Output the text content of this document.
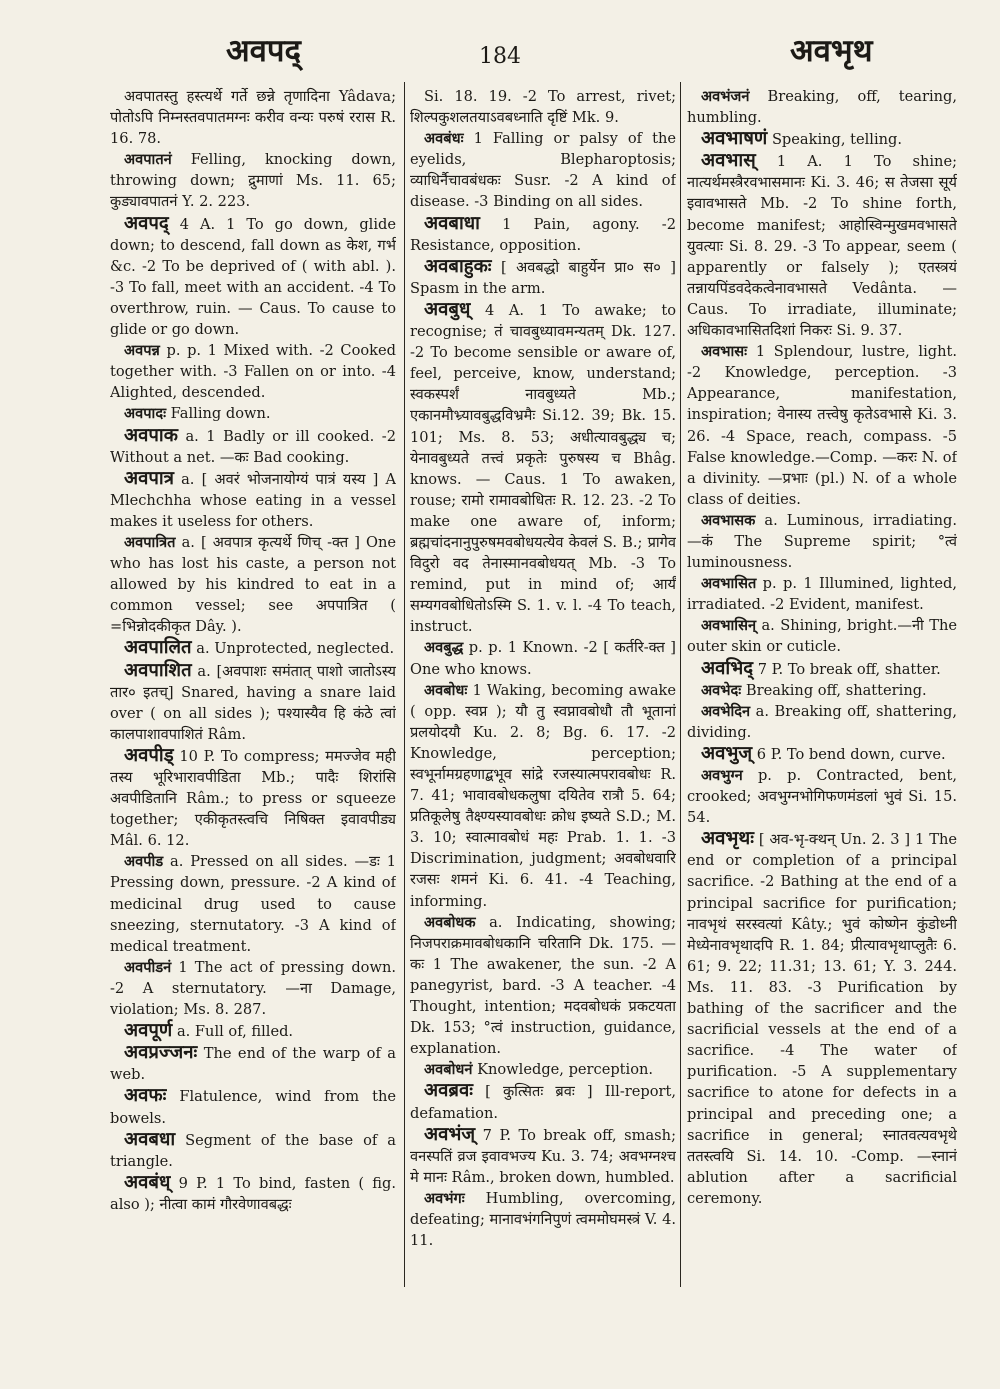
अवपद्	184	अवभृथ

अवपातस्तु हस्त्यर्थे गर्ते छन्ने तृणादिना Yâdava; पोतोऽपि निम्नस्तवपातमग्नः करीव वन्यः परुषं ररास R. 16. 78.

अवपातनं Felling, knocking down, throwing down; द्रुमाणां Ms. 11. 65; कुड्यावपातनं Y. 2. 223.

अवपद् 4 A. 1 To go down, glide down; to descend, fall down as केश, गर्भ &c. -2 To be deprived of ( with abl. ). -3 To fall, meet with an accident. -4 To overthrow, ruin. — Caus. To cause to glide or go down.

अवपन्न p. p. 1 Mixed with. -2 Cooked together with. -3 Fallen on or into. -4 Alighted, descended.

अवपादः Falling down.

अवपाक a. 1 Badly or ill cooked. -2 Without a net. —कः Bad cooking.

अवपात्र a. [ अवरं भोजनायोग्यं पात्रं यस्य ] A Mlechchha whose eating in a vessel makes it useless for others.

अवपात्रित a. [ अवपात्र कृत्यर्थे णिच् -क्त ] One who has lost his caste, a person not allowed by his kindred to eat in a common vessel; see अपपात्रित ( =भिन्नोदकीकृत Dây. ).

अवपालित a. Unprotected, neglected.

अवपाशित a. [अवपाशः समंतात् पाशो जातोऽस्य तार० इतच्] Snared, having a snare laid over ( on all sides ); पश्यास्यैव हि कंठे त्वां कालपाशावपाशितं Râm.

अवपीड् 10 P. To compress; ममज्जेव मही तस्य भूरिभारावपीडिता Mb.; पादैः शिरांसि अवपीडितानि Râm.; to press or squeeze together; एकीकृतस्त्वचि निषिक्त इवावपीड्य Mâl. 6. 12.

अवपीड a. Pressed on all sides. —डः 1 Pressing down, pressure. -2 A kind of medicinal drug used to cause sneezing, sternutatory. -3 A kind of medical treatment.

अवपीडनं 1 The act of pressing down. -2 A sternutatory. —ना Damage, violation; Ms. 8. 287.

अवपूर्ण a. Full of, filled.

अवप्रज्जनः The end of the warp of a web.

अवफः Flatulence, wind from the bowels.

अवबधा Segment of the base of a triangle.

अवबंध् 9 P. 1 To bind, fasten ( fig. also ); नीत्वा कामं गौरवेणावबद्धः

Si. 18. 19. -2 To arrest, rivet; शिल्पकुशलतयाऽवबध्नाति दृष्टिं Mk. 9.

अवबंधः 1 Falling or palsy of the eyelids, Blepharoptosis; व्याधिर्नैचावबंधकः Susr. -2 A kind of disease. -3 Binding on all sides.

अवबाधा 1 Pain, agony. -2 Resistance, opposition.

अवबाहुकः [ अवबद्धो बाहुर्येन प्रा० स० ] Spasm in the arm.

अवबुध् 4 A. 1 To awake; to recognise; तं चावबुध्यावमन्यतम् Dk. 127. -2 To become sensible or aware of, feel, perceive, know, understand; स्वकस्पर्शं नावबुध्यते Mb.; एकानमौभ्र्यावबुद्धविभ्रमैः Si.12. 39; Bk. 15. 101; Ms. 8. 53; अधीत्यावबुद्ध्य च; येनावबुध्यते तत्त्वं प्रकृतेः पुरुषस्य च Bhâg. knows. — Caus. 1 To awaken, rouse; रामो रामावबोधितः R. 12. 23. -2 To make one aware of, inform; ब्रह्मचांदनानुपुरुषमवबोधयत्येव केवलं S. B.; प्रागेव विदुरो वद तेनास्मानवबोधयत् Mb. -3 To remind, put in mind of; आर्यं सम्यगवबोधितोऽस्मि S. 1. v. l. -4 To teach, instruct.

अवबुद्ध p. p. 1 Known. -2 [ कर्तरि-क्त ] One who knows.

अवबोधः 1 Waking, becoming awake ( opp. स्वप्न ); यौ तु स्वप्नावबोधौ तौ भूतानां प्रलयोदयौ Ku. 2. 8; Bg. 6. 17. -2 Knowledge, perception; स्वभूर्नामग्रहणाद्बभूव सांद्रे रजस्यात्मपरावबोधः R. 7. 41; भावावबोधकलुषा दयितेव रात्रौ 5. 64; प्रतिकूलेषु तैक्ष्ण्यस्यावबोधः क्रोध इष्यते S.D.; M. 3. 10; स्वात्मावबोधं महः Prab. 1. 1. -3 Discrimination, judgment; अवबोधवारि रजसः शमनं Ki. 6. 41. -4 Teaching, informing.

अवबोधक a. Indicating, showing; निजपराक्रमावबोधकानि चरितानि Dk. 175. —कः 1 The awakener, the sun. -2 A panegyrist, bard. -3 A teacher. -4 Thought, intention; मदवबोधकं प्रकटयता Dk. 153; °त्वं instruction, guidance, explanation.

अवबोधनं Knowledge, perception.

अवब्रवः [ कुत्सितः ब्रवः ] Ill-report, defamation.

अवभंज् 7 P. To break off, smash; वनस्पतिं व्रज इवावभज्य Ku. 3. 74; अवभग्नश्च मे मानः Râm., broken down, humbled.

अवभंगः Humbling, overcoming, defeating; मानावभंगनिपुणं त्वममोघमस्त्रं V. 4. 11.

अवभंजनं Breaking, off, tearing, humbling.

अवभाषणं Speaking, telling.

अवभास् 1 A. 1 To shine; नात्यर्थमस्त्रैरवभासमानः Ki. 3. 46; स तेजसा सूर्य इवावभासते Mb. -2 To shine forth, become manifest; आहोस्विन्मुखमवभासते युवत्याः Si. 8. 29. -3 To appear, seem ( apparently or falsely ); एतस्त्रयं तन्नायपिंडवदेकत्वेनावभासते Vedânta. — Caus. To irradiate, illuminate; अधिकावभासितदिशां निकरः Si. 9. 37.

अवभासः 1 Splendour, lustre, light. -2 Knowledge, perception. -3 Appearance, manifestation, inspiration; वेनास्य तत्त्वेषु कृतेऽवभासे Ki. 3. 26. -4 Space, reach, compass. -5 False knowledge.—Comp. —करः N. of a divinity. —प्रभाः (pl.) N. of a whole class of deities.

अवभासक a. Luminous, irradiating. —कं The Supreme spirit; °त्वं luminousness.

अवभासित p. p. 1 Illumined, lighted, irradiated. -2 Evident, manifest.

अवभासिन् a. Shining, bright.—नी The outer skin or cuticle.

अवभिद् 7 P. To break off, shatter.

अवभेदः Breaking off, shattering.

अवभेदिन a. Breaking off, shattering, dividing.

अवभुज् 6 P. To bend down, curve.

अवभुग्न p. p. Contracted, bent, crooked; अवभुग्नभोगिफणमंडलां भुवं Si. 15. 54.

अवभृथः [ अव-भृ-क्थन् Un. 2. 3 ] 1 The end or completion of a principal sacrifice. -2 Bathing at the end of a principal sacrifice for purification; नावभृथं सरस्वत्यां Kâty.; भुवं कोष्णेन कुंडोध्नी मेध्येनावभृथादपि R. 1. 84; प्रीत्यावभृथाप्लुतैः 6. 61; 9. 22; 11.31; 13. 61; Y. 3. 244. Ms. 11. 83. -3 Purification by bathing of the sacrificer and the sacrificial vessels at the end of a sacrifice. -4 The water of purification. -5 A supplementary sacrifice to atone for defects in a principal and preceding one; a sacrifice in general; स्नातवत्यवभृथे ततस्त्वयि Si. 14. 10. -Comp. —स्नानं ablution after a sacrificial ceremony.
